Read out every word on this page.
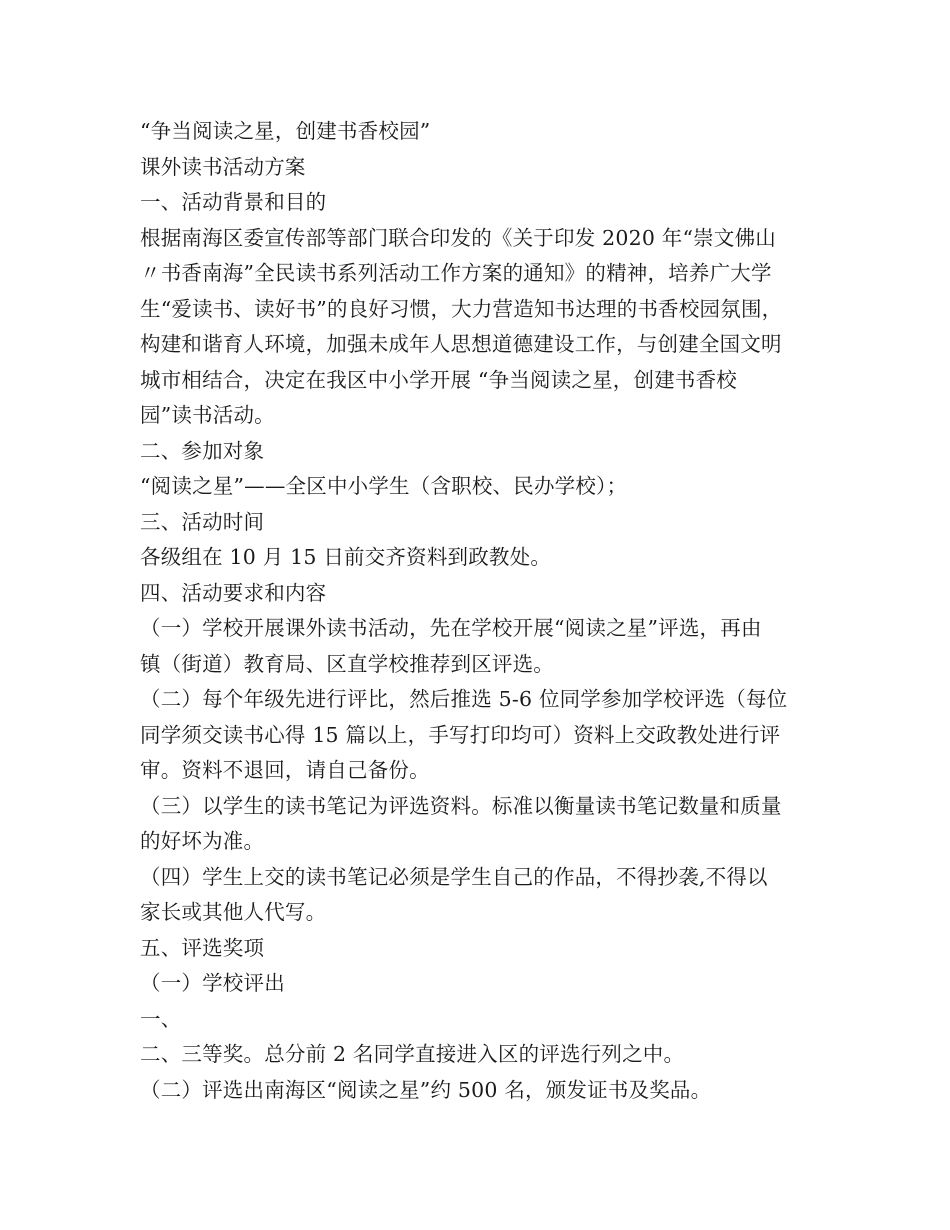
“争当阅读之星，创建书香校园”
课外读书活动方案
一、活动背景和目的
根据南海区委宣传部等部门联合印发的《关于印发 2020 年“崇文佛山
〃书香南海”全民读书系列活动工作方案的通知》的精神，培养广大学
生“爱读书、读好书”的良好习惯，大力营造知书达理的书香校园氛围，
构建和谐育人环境，加强未成年人思想道德建设工作，与创建全国文明
城市相结合，决定在我区中小学开展 “争当阅读之星，创建书香校
园”读书活动。
二、参加对象
“阅读之星”——全区中小学生（含职校、民办学校）；
三、活动时间
各级组在 10 月 15 日前交齐资料到政教处。
四、活动要求和内容
（一）学校开展课外读书活动，先在学校开展“阅读之星”评选，再由
镇（街道）教育局、区直学校推荐到区评选。
（二）每个年级先进行评比，然后推选 5-6 位同学参加学校评选（每位
同学须交读书心得 15 篇以上，手写打印均可）资料上交政教处进行评
审。资料不退回，请自己备份。
（三）以学生的读书笔记为评选资料。标准以衡量读书笔记数量和质量
的好坏为准。
（四）学生上交的读书笔记必须是学生自己的作品，不得抄袭,不得以
家长或其他人代写。
五、评选奖项
（一）学校评出
一、
二、三等奖。总分前 2 名同学直接进入区的评选行列之中。
（二）评选出南海区“阅读之星”约 500 名，颁发证书及奖品。
